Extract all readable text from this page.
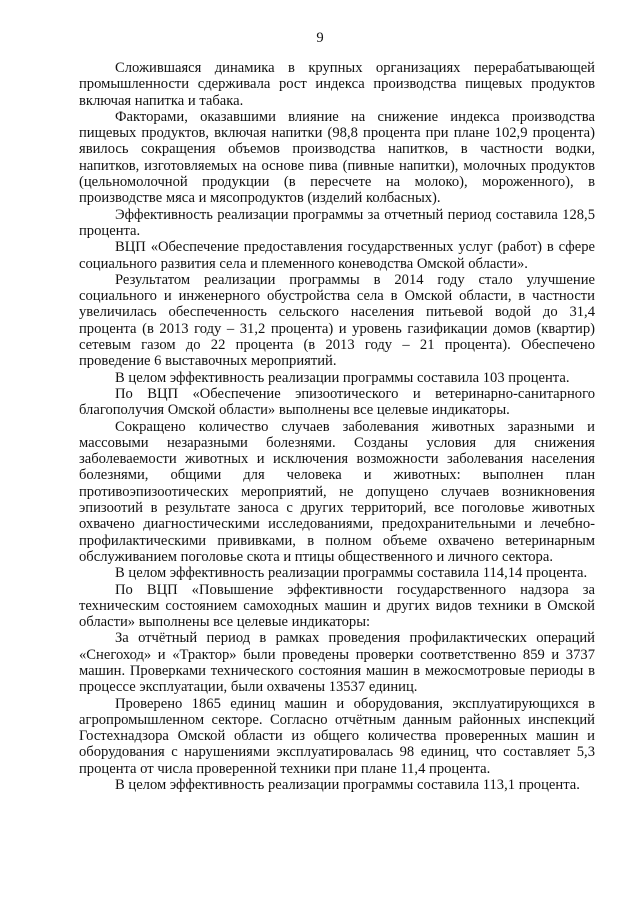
9

Сложившаяся динамика в крупных организациях перерабатывающей промышленности сдерживала рост индекса производства пищевых продуктов включая напитка и табака.

Факторами, оказавшими влияние на снижение индекса производства пищевых продуктов, включая напитки (98,8 процента при плане 102,9 процента) явилось сокращения объемов производства напитков, в частности водки, напитков, изготовляемых на основе пива (пивные напитки), молочных продуктов (цельномолочной продукции (в пересчете на молоко), мороженного), в производстве мяса и мясопродуктов (изделий колбасных).

Эффективность реализации программы за отчетный период составила 128,5 процента.

ВЦП «Обеспечение предоставления государственных услуг (работ) в сфере социального развития села и племенного коневодства Омской области».

Результатом реализации программы в 2014 году стало улучшение социального и инженерного обустройства села в Омской области, в частности увеличилась обеспеченность сельского населения питьевой водой до 31,4 процента (в 2013 году – 31,2 процента) и уровень газификации домов (квартир) сетевым газом до 22 процента (в 2013 году – 21 процента). Обеспечено проведение 6 выставочных мероприятий.

В целом эффективность реализации программы составила 103 процента.

По ВЦП «Обеспечение эпизоотического и ветеринарно-санитарного благополучия Омской области» выполнены все целевые индикаторы.

Сокращено количество случаев заболевания животных заразными и массовыми незаразными болезнями. Созданы условия для снижения заболеваемости животных и исключения возможности заболевания населения болезнями, общими для человека и животных: выполнен план противоэпизоотических мероприятий, не допущено случаев возникновения эпизоотий в результате заноса с других территорий, все поголовье животных охвачено диагностическими исследованиями, предохранительными и лечебно-профилактическими прививками, в полном объеме охвачено ветеринарным обслуживанием поголовье скота и птицы общественного и личного сектора.

В целом эффективность реализации программы составила 114,14 процента.

По ВЦП «Повышение эффективности государственного надзора за техническим состоянием самоходных машин и других видов техники в Омской области» выполнены все целевые индикаторы:

За отчётный период в рамках проведения профилактических операций «Снегоход» и «Трактор» были проведены проверки соответственно 859 и 3737 машин. Проверками технического состояния машин в межосмотровые периоды в процессе эксплуатации, были охвачены 13537 единиц.

Проверено 1865 единиц машин и оборудования, эксплуатирующихся в агропромышленном секторе. Согласно отчётным данным районных инспекций Гостехнадзора Омской области из общего количества проверенных машин и оборудования с нарушениями эксплуатировалась 98 единиц, что составляет 5,3 процента от числа проверенной техники при плане 11,4 процента.

В целом эффективность реализации программы составила 113,1 процента.
